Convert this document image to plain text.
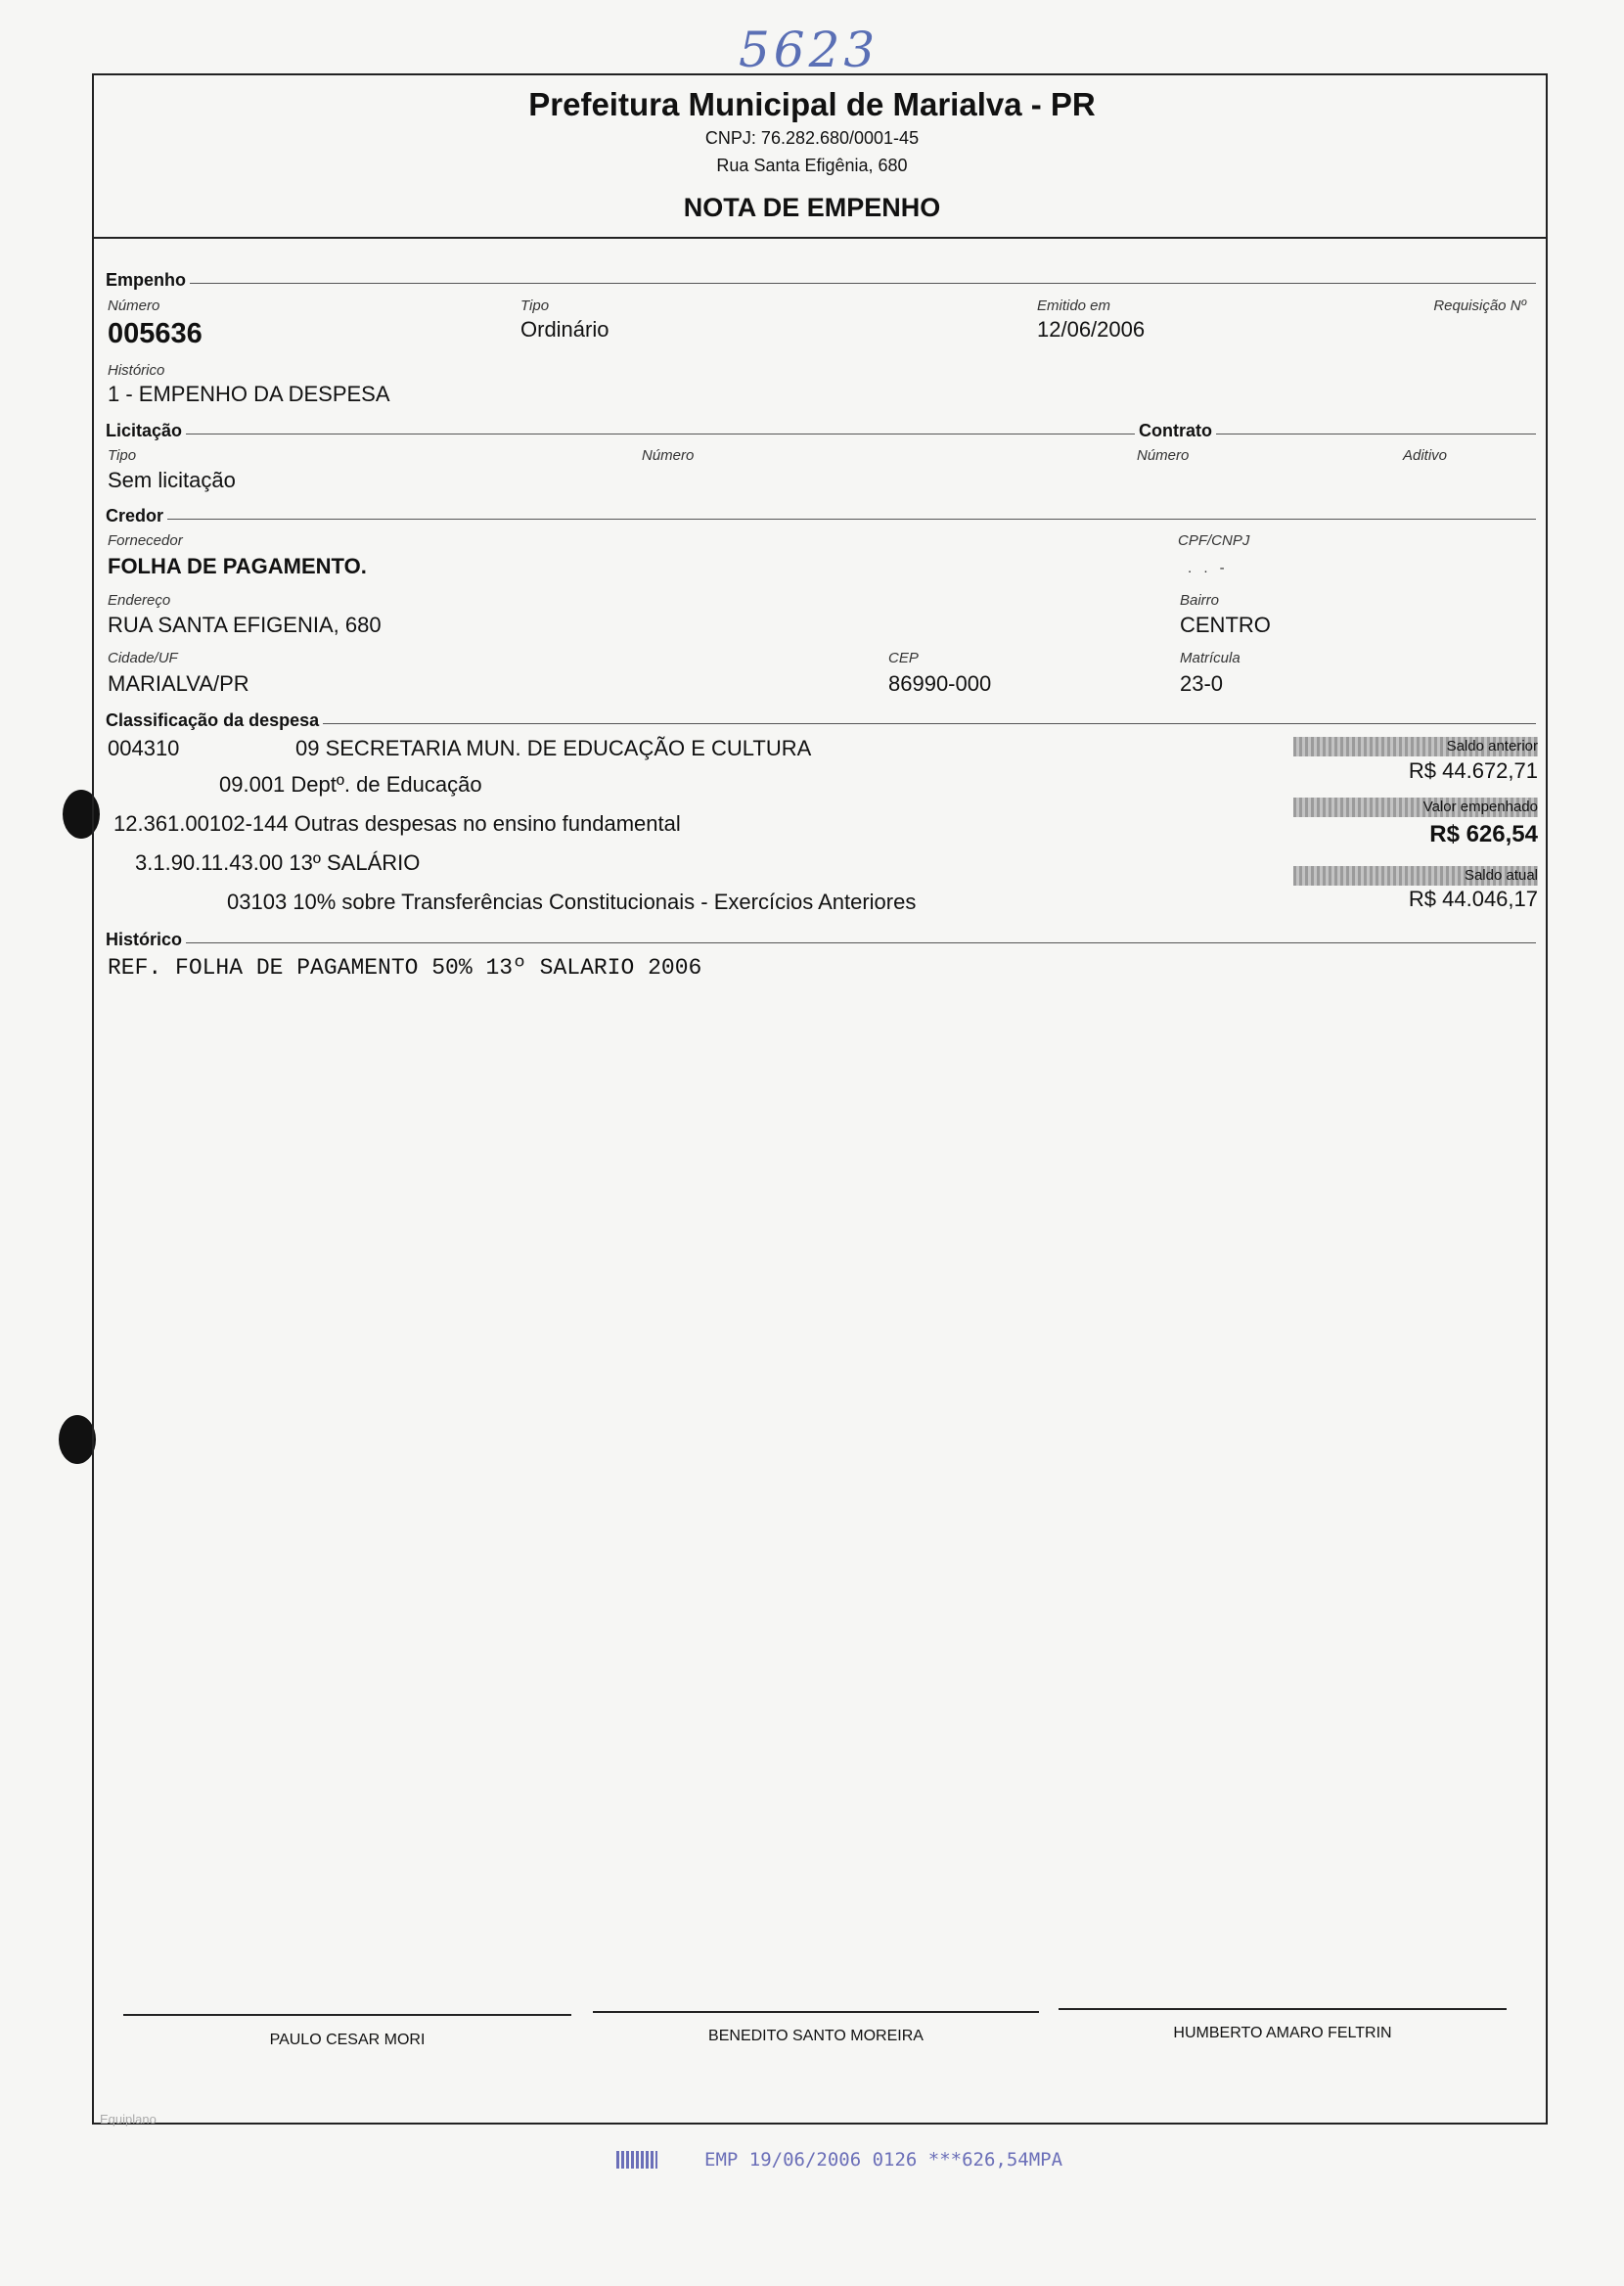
5623
Prefeitura Municipal de Marialva - PR
CNPJ: 76.282.680/0001-45
Rua Santa Efigênia, 680
NOTA DE EMPENHO
Empenho
Número
005636
Tipo
Ordinário
Emitido em
12/06/2006
Requisição Nº
Histórico
1 - EMPENHO DA DESPESA
Licitação	Contrato
Tipo
Sem licitação
Número	Número	Aditivo
Credor
Fornecedor
FOLHA DE PAGAMENTO.
CPF/CNPJ
. . -
Endereço
RUA SANTA EFIGENIA, 680
Bairro
CENTRO
Cidade/UF
MARIALVA/PR
CEP
86990-000
Matrícula
23-0
Classificação da despesa
004310	09 SECRETARIA MUN. DE EDUCAÇÃO E CULTURA
09.001 Deptº. de Educação
12.361.00102-144 Outras despesas no ensino fundamental
3.1.90.11.43.00 13º SALÁRIO
03103 10% sobre Transferências Constitucionais - Exercícios Anteriores
Saldo anterior
R$ 44.672,71
Valor empenhado
R$ 626,54
Saldo atual
R$ 44.046,17
Histórico
REF. FOLHA DE PAGAMENTO 50% 13º SALARIO 2006
PAULO CESAR MORI	BENEDITO SANTO MOREIRA	HUMBERTO AMARO FELTRIN
Equiplano
EMP 19/06/2006 0126 ***626,54MPA
